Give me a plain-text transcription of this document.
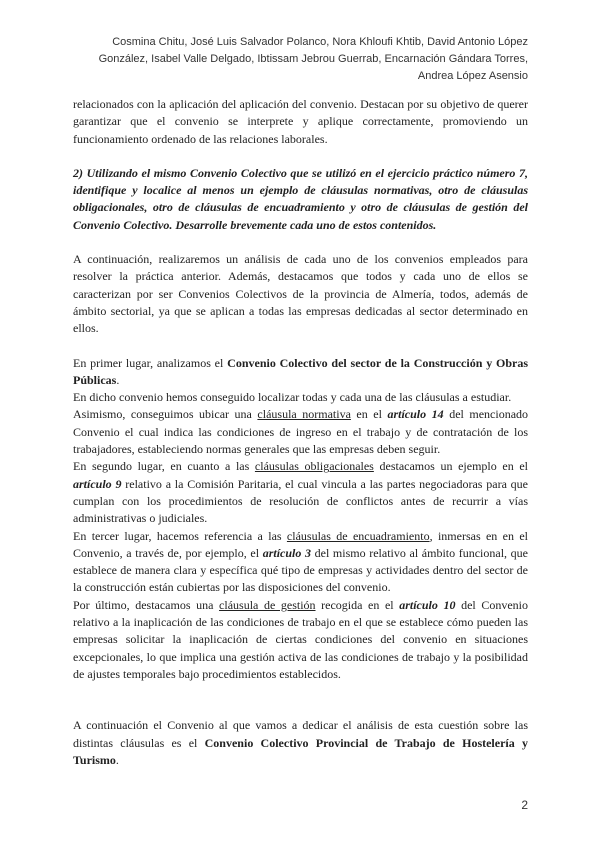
Cosmina Chitu, José Luis Salvador Polanco, Nora Khloufi Khtib, David Antonio López
González, Isabel Valle Delgado, Ibtissam Jebrou Guerrab, Encarnación Gándara Torres,
Andrea López Asensio

relacionados con la aplicación del aplicación del convenio. Destacan por su objetivo de querer garantizar que el convenio se interprete y aplique correctamente, promoviendo un funcionamiento ordenado de las relaciones laborales.

2) Utilizando el mismo Convenio Colectivo que se utilizó en el ejercicio práctico número 7, identifique y localice al menos un ejemplo de cláusulas normativas, otro de cláusulas obligacionales, otro de cláusulas de encuadramiento y otro de cláusulas de gestión del Convenio Colectivo. Desarrolle brevemente cada uno de estos contenidos.

A continuación, realizaremos un análisis de cada uno de los convenios empleados para resolver la práctica anterior. Además, destacamos que todos y cada uno de ellos se caracterizan por ser Convenios Colectivos de la provincia de Almería, todos, además de ámbito sectorial, ya que se aplican a todas las empresas dedicadas al sector determinado en ellos.

En primer lugar, analizamos el Convenio Colectivo del sector de la Construcción y Obras Públicas.

En dicho convenio hemos conseguido localizar todas y cada una de las cláusulas a estudiar.

Asimismo, conseguimos ubicar una cláusula normativa en el artículo 14 del mencionado Convenio el cual indica las condiciones de ingreso en el trabajo y de contratación de los trabajadores, estableciendo normas generales que las empresas deben seguir.

En segundo lugar, en cuanto a las cláusulas obligacionales destacamos un ejemplo en el artículo 9 relativo a la Comisión Paritaria, el cual vincula a las partes negociadoras para que cumplan con los procedimientos de resolución de conflictos antes de recurrir a vías administrativas o judiciales.

En tercer lugar, hacemos referencia a las cláusulas de encuadramiento, inmersas en en el Convenio, a través de, por ejemplo, el artículo 3 del mismo relativo al ámbito funcional, que establece de manera clara y específica qué tipo de empresas y actividades dentro del sector de la construcción están cubiertas por las disposiciones del convenio.

Por último, destacamos una cláusula de gestión recogida en el artículo 10 del Convenio relativo a la inaplicación de las condiciones de trabajo en el que se establece cómo pueden las empresas solicitar la inaplicación de ciertas condiciones del convenio en situaciones excepcionales, lo que implica una gestión activa de las condiciones de trabajo y la posibilidad de ajustes temporales bajo procedimientos establecidos.

A continuación el Convenio al que vamos a dedicar el análisis de esta cuestión sobre las distintas cláusulas es el Convenio Colectivo Provincial de Trabajo de Hostelería y Turismo.

2
